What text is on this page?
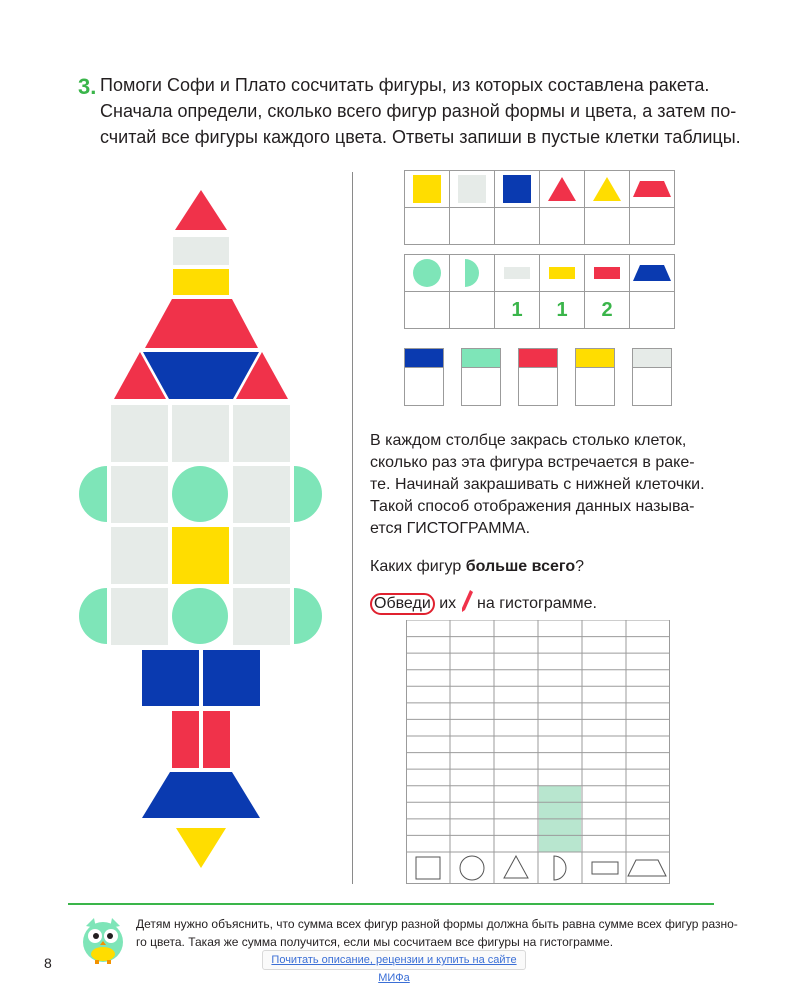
3. Помоги Софи и Плато сосчитать фигуры, из которых составлена ракета.
Сначала определи, сколько всего фигур разной формы и цвета, а затем по-
считай все фигуры каждого цвета. Ответы запиши в пустые клетки таблицы.

		1	1	2	
В каждом столбце закрась столько клеток,
сколько раз эта фигура встречается в раке-
те. Начинай закрашивать с нижней клеточки.
Такой способ отображения данных называ-
ется ГИСТОГРАММА.
Каких фигур больше всего?
Обведи их  на гистограмме.
Детям нужно объяснить, что сумма всех фигур разной формы должна быть равна сумме всех фигур разно-
го цвета. Такая же сумма получится, если мы сосчитаем все фигуры на гистограмме.
8	Почитать описание, рецензии и купить на сайте МИФа
